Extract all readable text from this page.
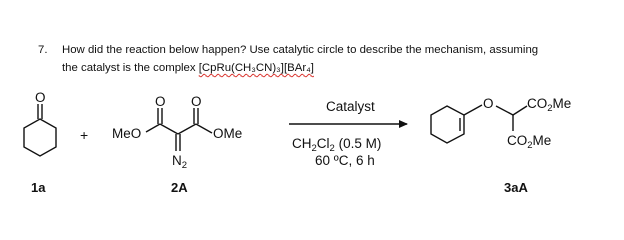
7. How did the reaction below happen? Use catalytic circle to describe the mechanism, assuming
the catalyst is the complex [CpRu(CH₃CN)₃][BAr₄]
O
1a
+
O O
MeO	OMe
$N_2$
2A
Catalyst
$CH_2Cl_2$ (0.5 M)
60 ºC, 6 h
O $CO_2Me$
$CO_2Me$
3aA
